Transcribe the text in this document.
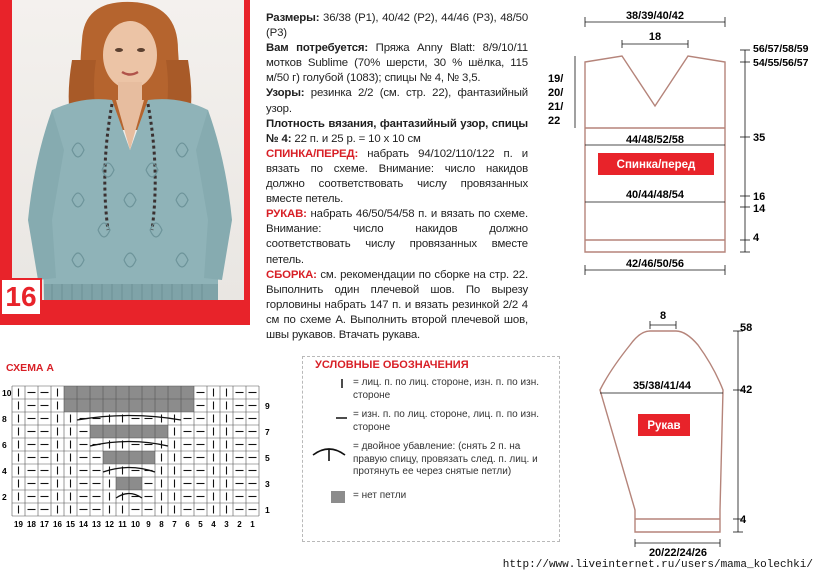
16

Размеры: 36/38 (Р1), 40/42 (Р2), 44/46 (Р3), 48/50 (Р3)

Вам потребуется: Пряжа Anny Blatt: 8/9/10/11 мотков Sublime (70% шерсти, 30 % шёлка, 115 м/50 г) голубой (1083); спицы № 4, № 3,5.

Узоры: резинка 2/2 (см. стр. 22), фантазийный узор.

Плотность вязания, фантазийный узор, спицы № 4: 22 п. и 25 р. = 10 х 10 см

СПИНКА/ПЕРЕД: набрать 94/102/110/122 п. и вязать по схеме. Внимание: число накидов должно соответствовать числу провязанных вместе петель.

РУКАВ: набрать 46/50/54/58 п. и вязать по схеме. Внимание: число накидов должно соответствовать числу провязанных вместе петель.

СБОРКА: см. рекомендации по сборке на стр. 22. Выполнить один плечевой шов. По вырезу горловины набрать 147 п. и вязать резинкой 2/2 4 см по схеме А. Выполнить второй плечевой шов, швы рукавов. Втачать рукава.

38/39/40/42
18
56/57/58/59
54/55/56/57
19/
20/
21/
22
35
44/48/52/58
Спинка/перед
40/44/48/54	16
14
4
42/46/50/56
8
58
35/38/41/44	42
Рукав
4
20/22/24/26
СХЕМА А
10
8
6
4
2
9
7
5
3
1
19 18 17 16 15 14 13 12 11 10 9 8 7 6 5 4 3 2 1
УСЛОВНЫЕ ОБОЗНАЧЕНИЯ
= лиц. п. по лиц. стороне, изн. п. по изн. стороне
= изн. п. по лиц. стороне, лиц. п. по изн. стороне
= двойное убавление: (снять 2 п. на правую спицу, провязать след. п. лиц. и протянуть ее через снятые петли)
= нет петли
http://www.liveinternet.ru/users/mama_kolechki/
